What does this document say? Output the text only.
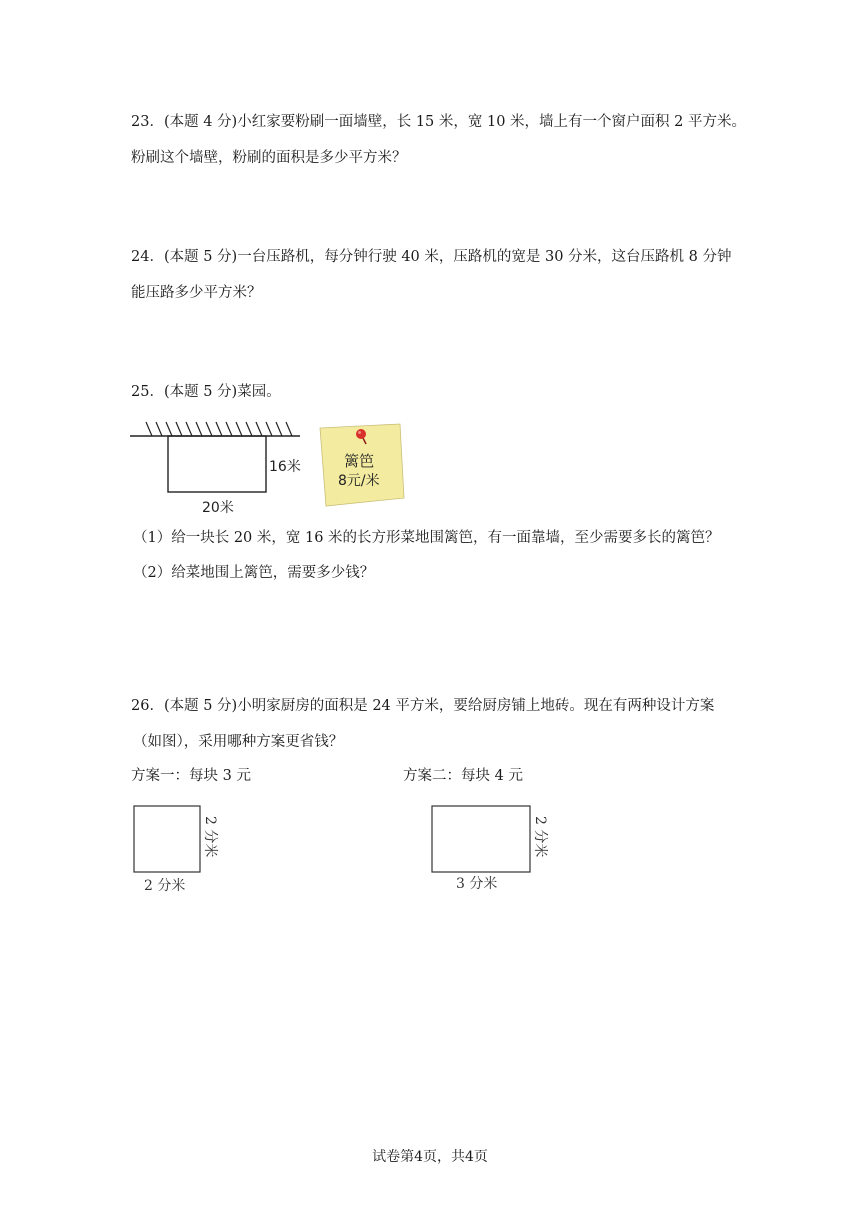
23．(本题 4 分)小红家要粉刷一面墙壁，长 15 米，宽 10 米，墙上有一个窗户面积 2 平方米。

粉刷这个墙壁，粉刷的面积是多少平方米？

24．(本题 5 分)一台压路机，每分钟行驶 40 米，压路机的宽是 30 分米，这台压路机 8 分钟

能压路多少平方米？

25．(本题 5 分)菜园。

16米
20米
篱笆
8元/米

（1）给一块长 20 米，宽 16 米的长方形菜地围篱笆，有一面靠墙，至少需要多长的篱笆？

（2）给菜地围上篱笆，需要多少钱？

26．(本题 5 分)小明家厨房的面积是 24 平方米，要给厨房铺上地砖。现在有两种设计方案

（如图），采用哪种方案更省钱？

方案一：每块 3 元	方案二：每块 4 元

2 分米
2 分米
2 分米
3 分米
试卷第4页，共4页
